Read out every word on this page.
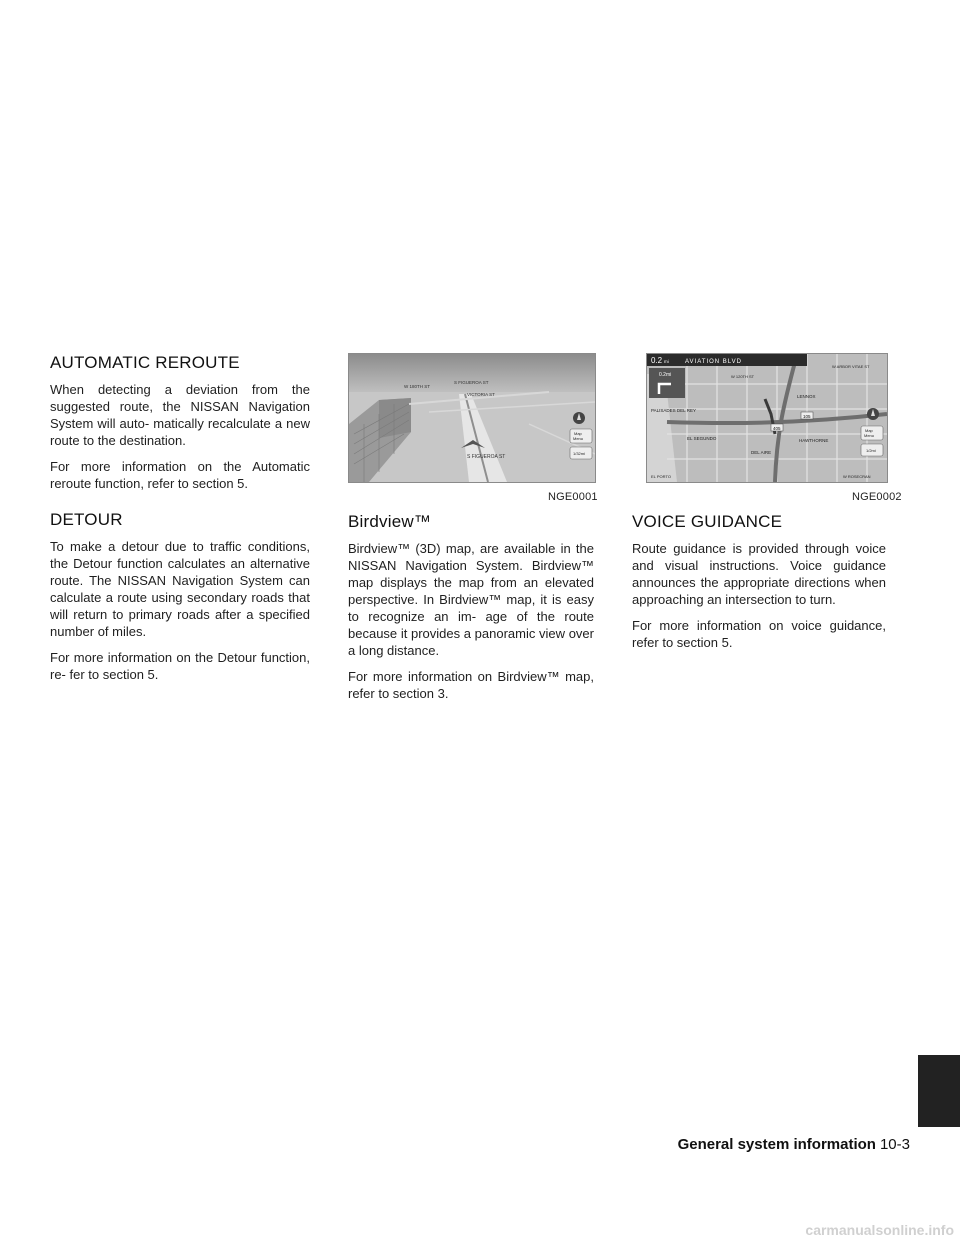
AUTOMATIC REROUTE

When detecting a deviation from the suggested route, the NISSAN Navigation System will auto- matically recalculate a new route to the destination.

For more information on the Automatic reroute function, refer to section 5.

DETOUR

To make a detour due to traffic conditions, the Detour function calculates an alternative route. The NISSAN Navigation System can calculate a route using secondary roads that will return to primary roads after a specified number of miles.

For more information on the Detour function, re- fer to section 5.

W 180TH ST
S FIGUEROA ST
VICTORIA ST
S FIGUEROA ST
Map
Menu
1/32mi
NGE0001
0.2 mi	AVIATION BLVD
0.2mi
W ARBOR VITAE ST
PALISADES DEL REY
LENNOX
EL SEGUNDO	HAWTHORNE
DEL AIRE
EL PORTO
W 120TH ST
W ROSECRAN
405
105
Map
Menu
1/2mi
NGE0002
Birdview™

Birdview™ (3D) map, are available in the NISSAN Navigation System. Birdview™ map displays the map from an elevated perspective. In Birdview™ map, it is easy to recognize an im- age of the route because it provides a panoramic view over a long distance.

For more information on Birdview™ map, refer to section 3.

VOICE GUIDANCE

Route guidance is provided through voice and visual instructions. Voice guidance announces the appropriate directions when approaching an intersection to turn.

For more information on voice guidance, refer to section 5.

General system information 10-3
carmanualsonline.info
